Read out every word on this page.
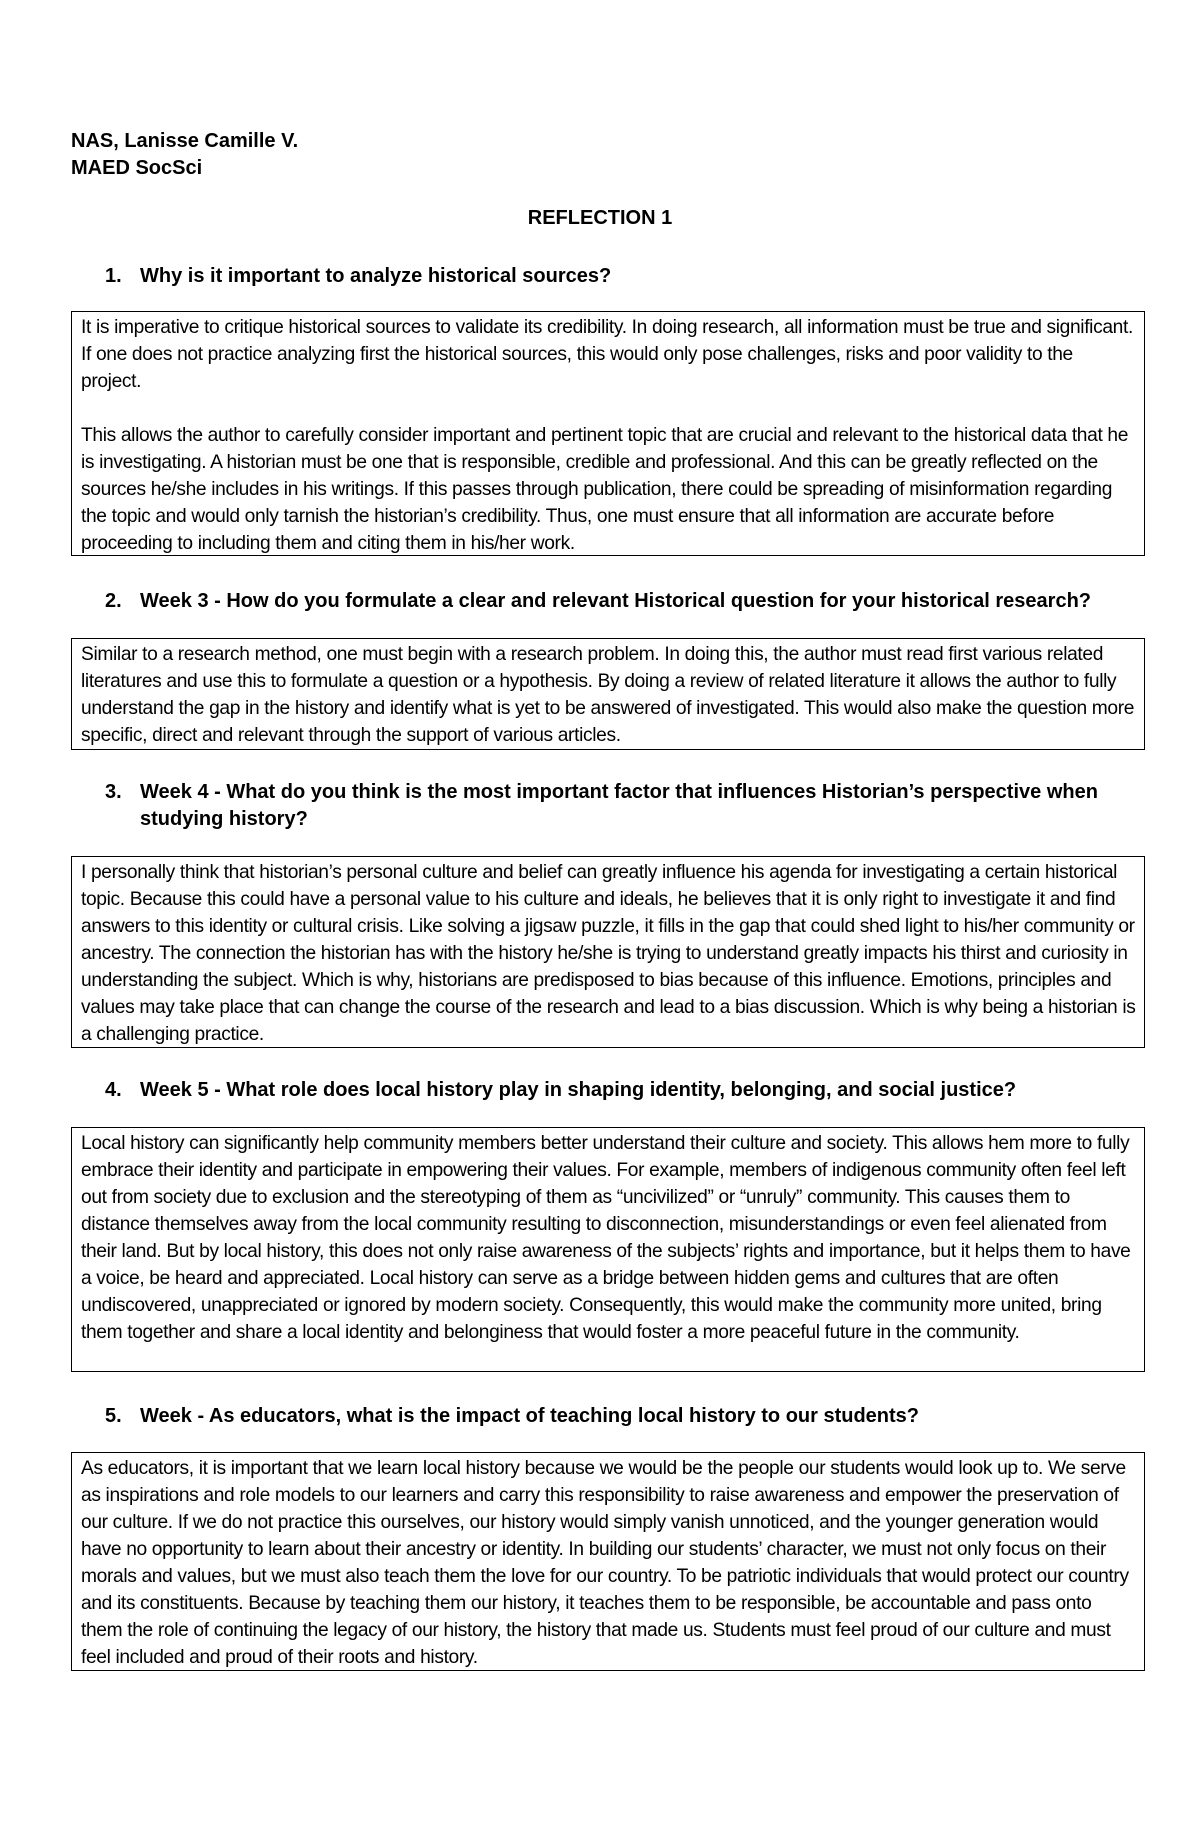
NAS, Lanisse Camille V.
MAED SocSci
REFLECTION 1
1. Why is it important to analyze historical sources?

It is imperative to critique historical sources to validate its credibility. In doing research, all information must be true and significant. If one does not practice analyzing first the historical sources, this would only pose challenges, risks and poor validity to the project.

This allows the author to carefully consider important and pertinent topic that are crucial and relevant to the historical data that he is investigating. A historian must be one that is responsible, credible and professional. And this can be greatly reflected on the sources he/she includes in his writings. If this passes through publication, there could be spreading of misinformation regarding the topic and would only tarnish the historian’s credibility. Thus, one must ensure that all information are accurate before proceeding to including them and citing them in his/her work.

2. Week 3 - How do you formulate a clear and relevant Historical question for your historical research?

Similar to a research method, one must begin with a research problem. In doing this, the author must read first various related literatures and use this to formulate a question or a hypothesis. By doing a review of related literature it allows the author to fully understand the gap in the history and identify what is yet to be answered of investigated. This would also make the question more specific, direct and relevant through the support of various articles.

3. Week 4 - What do you think is the most important factor that influences Historian’s perspective when studying history?

I personally think that historian’s personal culture and belief can greatly influence his agenda for investigating a certain historical topic. Because this could have a personal value to his culture and ideals, he believes that it is only right to investigate it and find answers to this identity or cultural crisis. Like solving a jigsaw puzzle, it fills in the gap that could shed light to his/her community or ancestry. The connection the historian has with the history he/she is trying to understand greatly impacts his thirst and curiosity in understanding the subject. Which is why, historians are predisposed to bias because of this influence. Emotions, principles and values may take place that can change the course of the research and lead to a bias discussion. Which is why being a historian is a challenging practice.

4. Week 5 - What role does local history play in shaping identity, belonging, and social justice?

Local history can significantly help community members better understand their culture and society. This allows hem more to fully embrace their identity and participate in empowering their values. For example, members of indigenous community often feel left out from society due to exclusion and the stereotyping of them as “uncivilized” or “unruly” community. This causes them to distance themselves away from the local community resulting to disconnection, misunderstandings or even feel alienated from their land. But by local history, this does not only raise awareness of the subjects’ rights and importance, but it helps them to have a voice, be heard and appreciated. Local history can serve as a bridge between hidden gems and cultures that are often undiscovered, unappreciated or ignored by modern society. Consequently, this would make the community more united, bring them together and share a local identity and belonginess that would foster a more peaceful future in the community.

5. Week - As educators, what is the impact of teaching local history to our students?

As educators, it is important that we learn local history because we would be the people our students would look up to. We serve as inspirations and role models to our learners and carry this responsibility to raise awareness and empower the preservation of our culture. If we do not practice this ourselves, our history would simply vanish unnoticed, and the younger generation would have no opportunity to learn about their ancestry or identity. In building our students’ character, we must not only focus on their morals and values, but we must also teach them the love for our country. To be patriotic individuals that would protect our country and its constituents. Because by teaching them our history, it teaches them to be responsible, be accountable and pass onto them the role of continuing the legacy of our history, the history that made us. Students must feel proud of our culture and must feel included and proud of their roots and history.
